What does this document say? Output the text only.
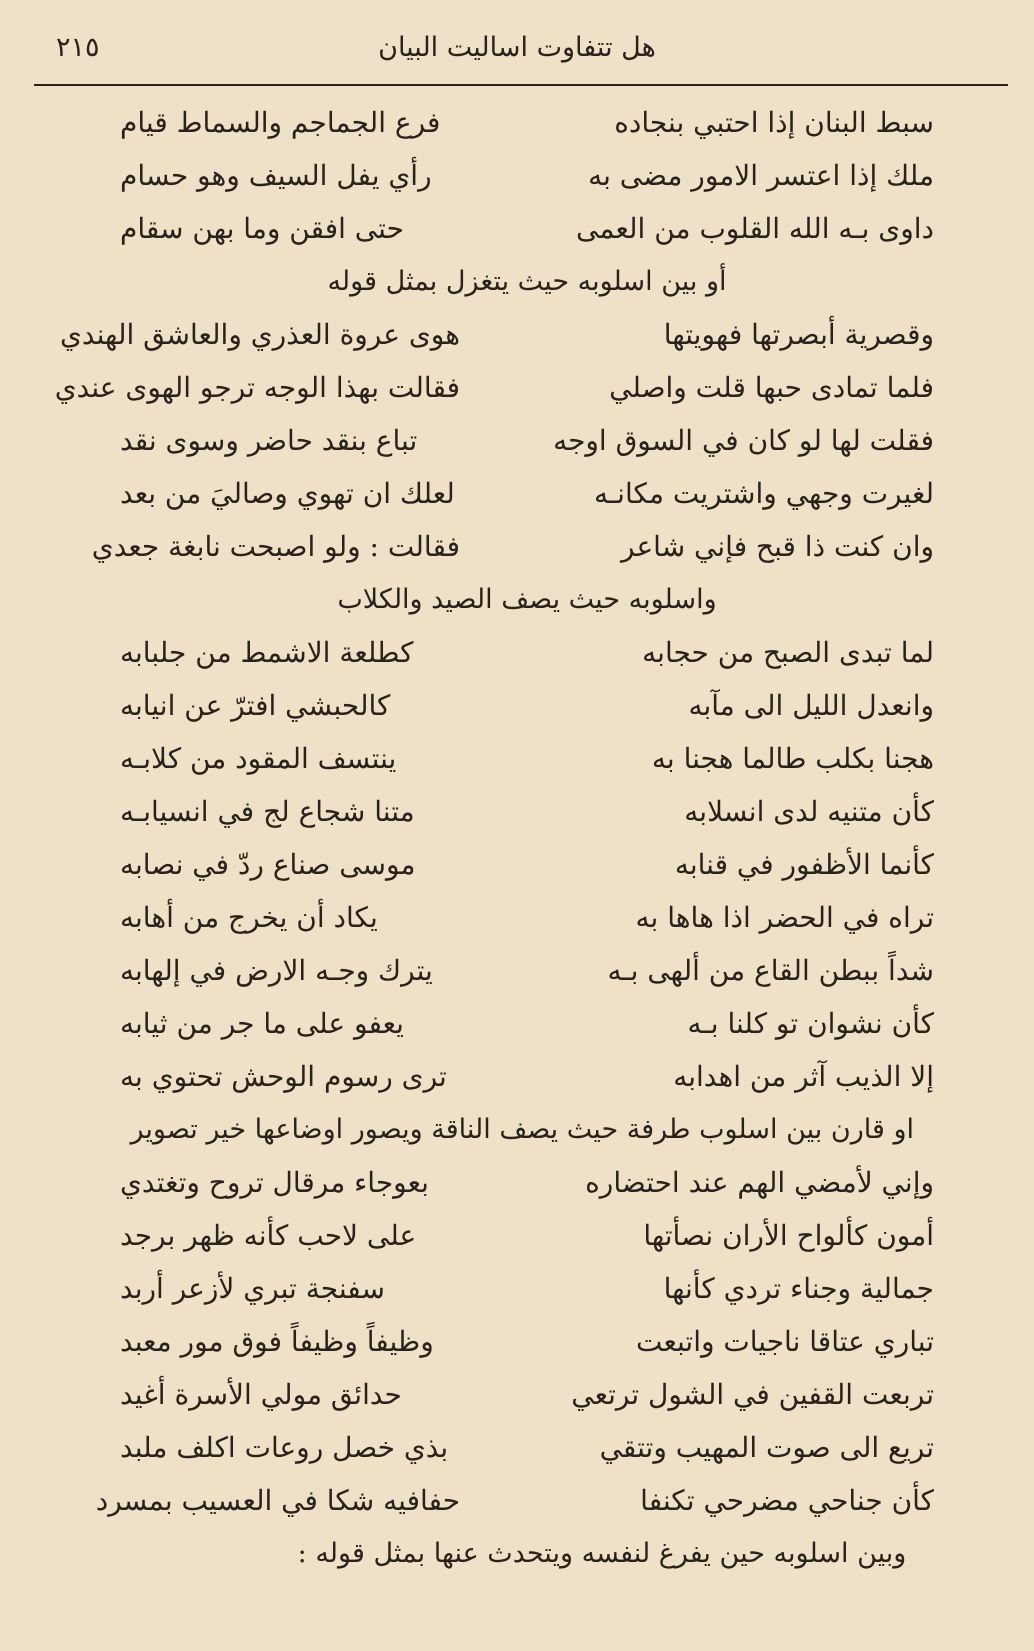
هل تتفاوت اساليت البيان
٢١٥
سبط البنان إذا احتبي بنجاده
فرع الجماجم والسماط قيام
ملك إذا اعتسر الامور مضى به
رأي يفل السيف وهو حسام
داوى بـه الله القلوب من العمى
حتى افقن وما بهن سقام
أو بين اسلوبه حيث يتغزل بمثل قوله
وقصرية أبصرتها فهويتها
هوى عروة العذري والعاشق الهندي
فلما تمادى حبها قلت واصلي
فقالت بهذا الوجه ترجو الهوى عندي
فقلت لها لو كان في السوق اوجه
تباع بنقد حاضر وسوى نقد
لغيرت وجهي واشتريت مكانـه
لعلك ان تهوي وصاليَ من بعد
وان كنت ذا قبح فإني شاعر
فقالت : ولو اصبحت نابغة جعدي
واسلوبه حيث يصف الصيد والكلاب
لما تبدى الصبح من حجابه
كطلعة الاشمط من جلبابه
وانعدل الليل الى مآبه
كالحبشي افترّ عن انيابه
هجنا بكلب طالما هجنا به
ينتسف المقود من كلابـه
كأن متنيه لدى انسلابه
متنا شجاع لج في انسيابـه
كأنما الأظفور في قنابه
موسى صناع ردّ في نصابه
تراه في الحضر اذا هاها به
يكاد أن يخرج من أهابه
شداً ببطن القاع من ألهى بـه
يترك وجـه الارض في إلهابه
كأن نشوان تو كلنا بـه
يعفو على ما جر من ثيابه
إلا الذيب آثر من اهدابه
ترى رسوم الوحش تحتوي به
او قارن بين اسلوب طرفة حيث يصف الناقة ويصور اوضاعها خير تصوير
وإني لأمضي الهم عند احتضاره
بعوجاء مرقال تروح وتغتدي
أمون كألواح الأران نصأتها
على لاحب كأنه ظهر برجد
جمالية وجناء تردي كأنها
سفنجة تبري لأزعر أربد
تباري عتاقا ناجيات واتبعت
وظيفاً وظيفاً فوق مور معبد
تربعت القفين في الشول ترتعي
حدائق مولي الأسرة أغيد
تريع الى صوت المهيب وتتقي
بذي خصل روعات اكلف ملبد
كأن جناحي مضرحي تكنفا
حفافيه شكا في العسيب بمسرد
وبين اسلوبه حين يفرغ لنفسه ويتحدث عنها بمثل قوله :
